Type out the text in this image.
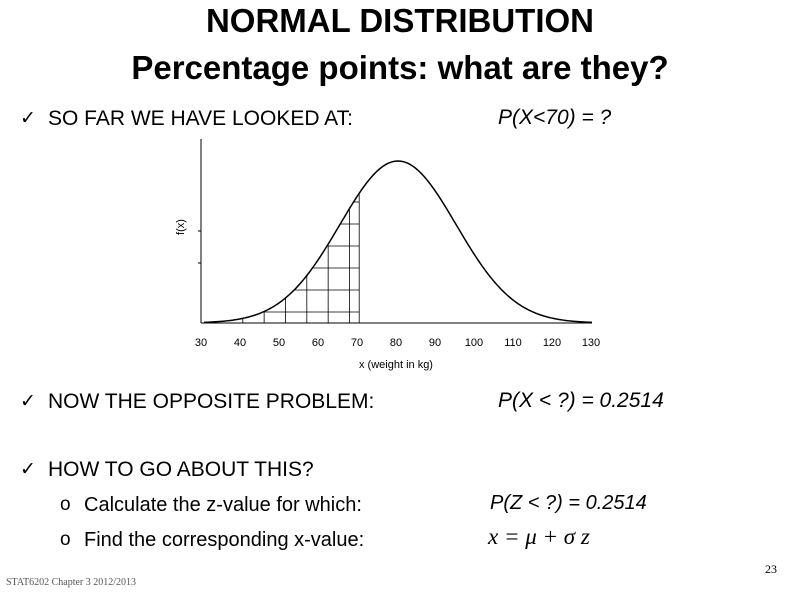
NORMAL DISTRIBUTION
Percentage points: what are they?
✓ SO FAR WE HAVE LOOKED AT:	P(X<70) = ?
30 40 50 60 70 80 90 100 110 120 130
f(x)
x (weight in kg)
✓ NOW THE OPPOSITE PROBLEM:	P(X < ?) = 0.2514
✓ HOW TO GO ABOUT THIS?
o Calculate the z-value for which:	P(Z < ?) = 0.2514
o Find the corresponding x-value:	x = μ + σ z
23
STAT6202 Chapter 3 2012/2013
